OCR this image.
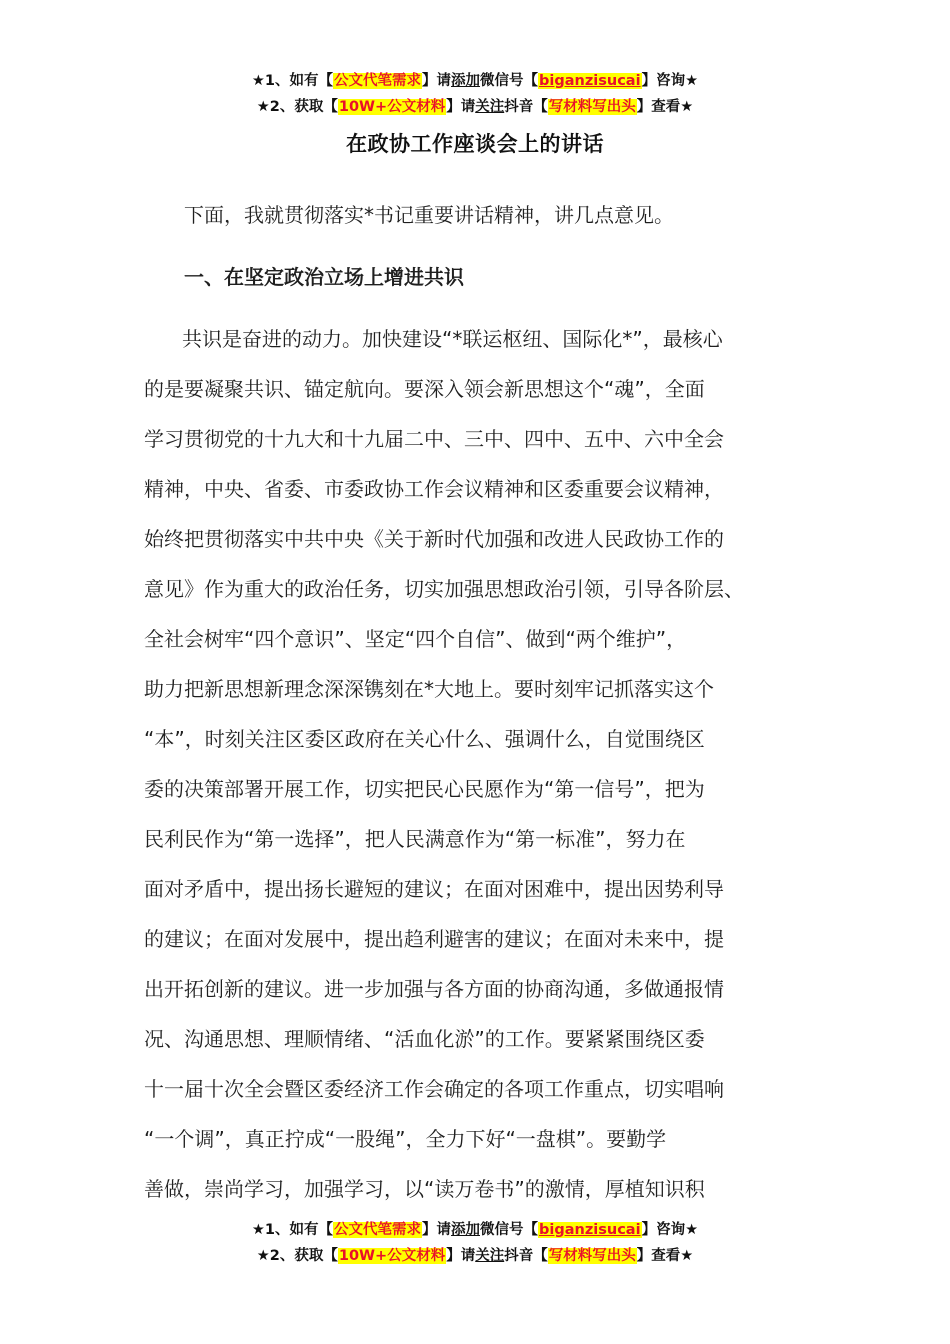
★1、如有【公文代笔需求】请添加微信号【biganzisucai】咨询★
★2、获取【10W+公文材料】请关注抖音【写材料写出头】查看★
在政协工作座谈会上的讲话

下面，我就贯彻落实*书记重要讲话精神，讲几点意见。

一、在坚定政治立场上增进共识

共识是奋进的动力。加快建设“*联运枢纽、国际化*”，最核心
的是要凝聚共识、锚定航向。要深入领会新思想这个“魂”，全面
学习贯彻党的十九大和十九届二中、三中、四中、五中、六中全会
精神，中央、省委、市委政协工作会议精神和区委重要会议精神，
始终把贯彻落实中共中央《关于新时代加强和改进人民政协工作的
意见》作为重大的政治任务，切实加强思想政治引领，引导各阶层、
全社会树牢“四个意识”、坚定“四个自信”、做到“两个维护”，
助力把新思想新理念深深镌刻在*大地上。要时刻牢记抓落实这个
“本”，时刻关注区委区政府在关心什么、强调什么，自觉围绕区
委的决策部署开展工作，切实把民心民愿作为“第一信号”，把为
民利民作为“第一选择”，把人民满意作为“第一标准”，努力在
面对矛盾中，提出扬长避短的建议；在面对困难中，提出因势利导
的建议；在面对发展中，提出趋利避害的建议；在面对未来中，提
出开拓创新的建议。进一步加强与各方面的协商沟通，多做通报情
况、沟通思想、理顺情绪、“活血化淤”的工作。要紧紧围绕区委
十一届十次全会暨区委经济工作会确定的各项工作重点，切实唱响
“一个调”，真正拧成“一股绳”，全力下好“一盘棋”。要勤学
善做，崇尚学习，加强学习，以“读万卷书”的激情，厚植知识积
★1、如有【公文代笔需求】请添加微信号【biganzisucai】咨询★
★2、获取【10W+公文材料】请关注抖音【写材料写出头】查看★
